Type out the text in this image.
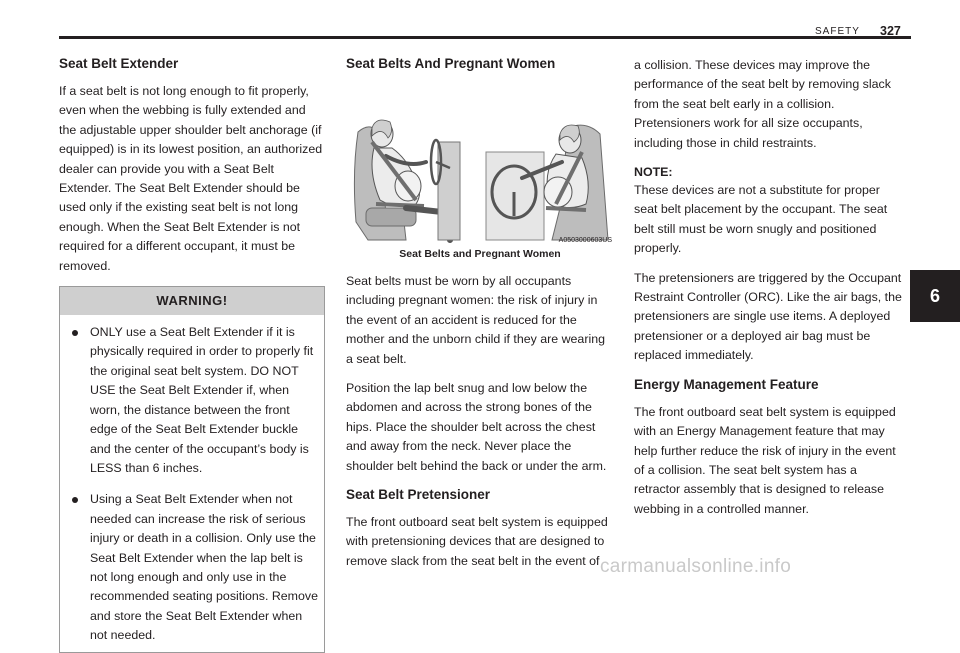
SAFETY 327
Seat Belt Extender

If a seat belt is not long enough to fit properly, even when the webbing is fully extended and the adjustable upper shoulder belt anchorage (if equipped) is in its lowest position, an authorized dealer can provide you with a Seat Belt Extender. The Seat Belt Extender should be used only if the existing seat belt is not long enough. When the Seat Belt Extender is not required for a different occupant, it must be removed.

WARNING!
ONLY use a Seat Belt Extender if it is physically required in order to properly fit the original seat belt system. DO NOT USE the Seat Belt Extender if, when worn, the distance between the front edge of the Seat Belt Extender buckle and the center of the occupant’s body is LESS than 6 inches.
Using a Seat Belt Extender when not needed can increase the risk of serious injury or death in a collision. Only use the Seat Belt Extender when the lap belt is not long enough and only use in the recommended seating positions. Remove and store the Seat Belt Extender when not needed.
Seat Belts And Pregnant Women
A0503000603US
Seat Belts and Pregnant Women

Seat belts must be worn by all occupants including pregnant women: the risk of injury in the event of an accident is reduced for the mother and the unborn child if they are wearing a seat belt.

Position the lap belt snug and low below the abdomen and across the strong bones of the hips. Place the shoulder belt across the chest and away from the neck. Never place the shoulder belt behind the back or under the arm.

Seat Belt Pretensioner

The front outboard seat belt system is equipped with pretensioning devices that are designed to remove slack from the seat belt in the event of

a collision. These devices may improve the performance of the seat belt by removing slack from the seat belt early in a collision. Pretensioners work for all size occupants, including those in child restraints.

NOTE:

These devices are not a substitute for proper seat belt placement by the occupant. The seat belt still must be worn snugly and positioned properly.

The pretensioners are triggered by the Occupant Restraint Controller (ORC). Like the air bags, the pretensioners are single use items. A deployed pretensioner or a deployed air bag must be replaced immediately.

Energy Management Feature

The front outboard seat belt system is equipped with an Energy Management feature that may help further reduce the risk of injury in the event of a collision. The seat belt system has a retractor assembly that is designed to release webbing in a controlled manner.

6
carmanualsonline.info
